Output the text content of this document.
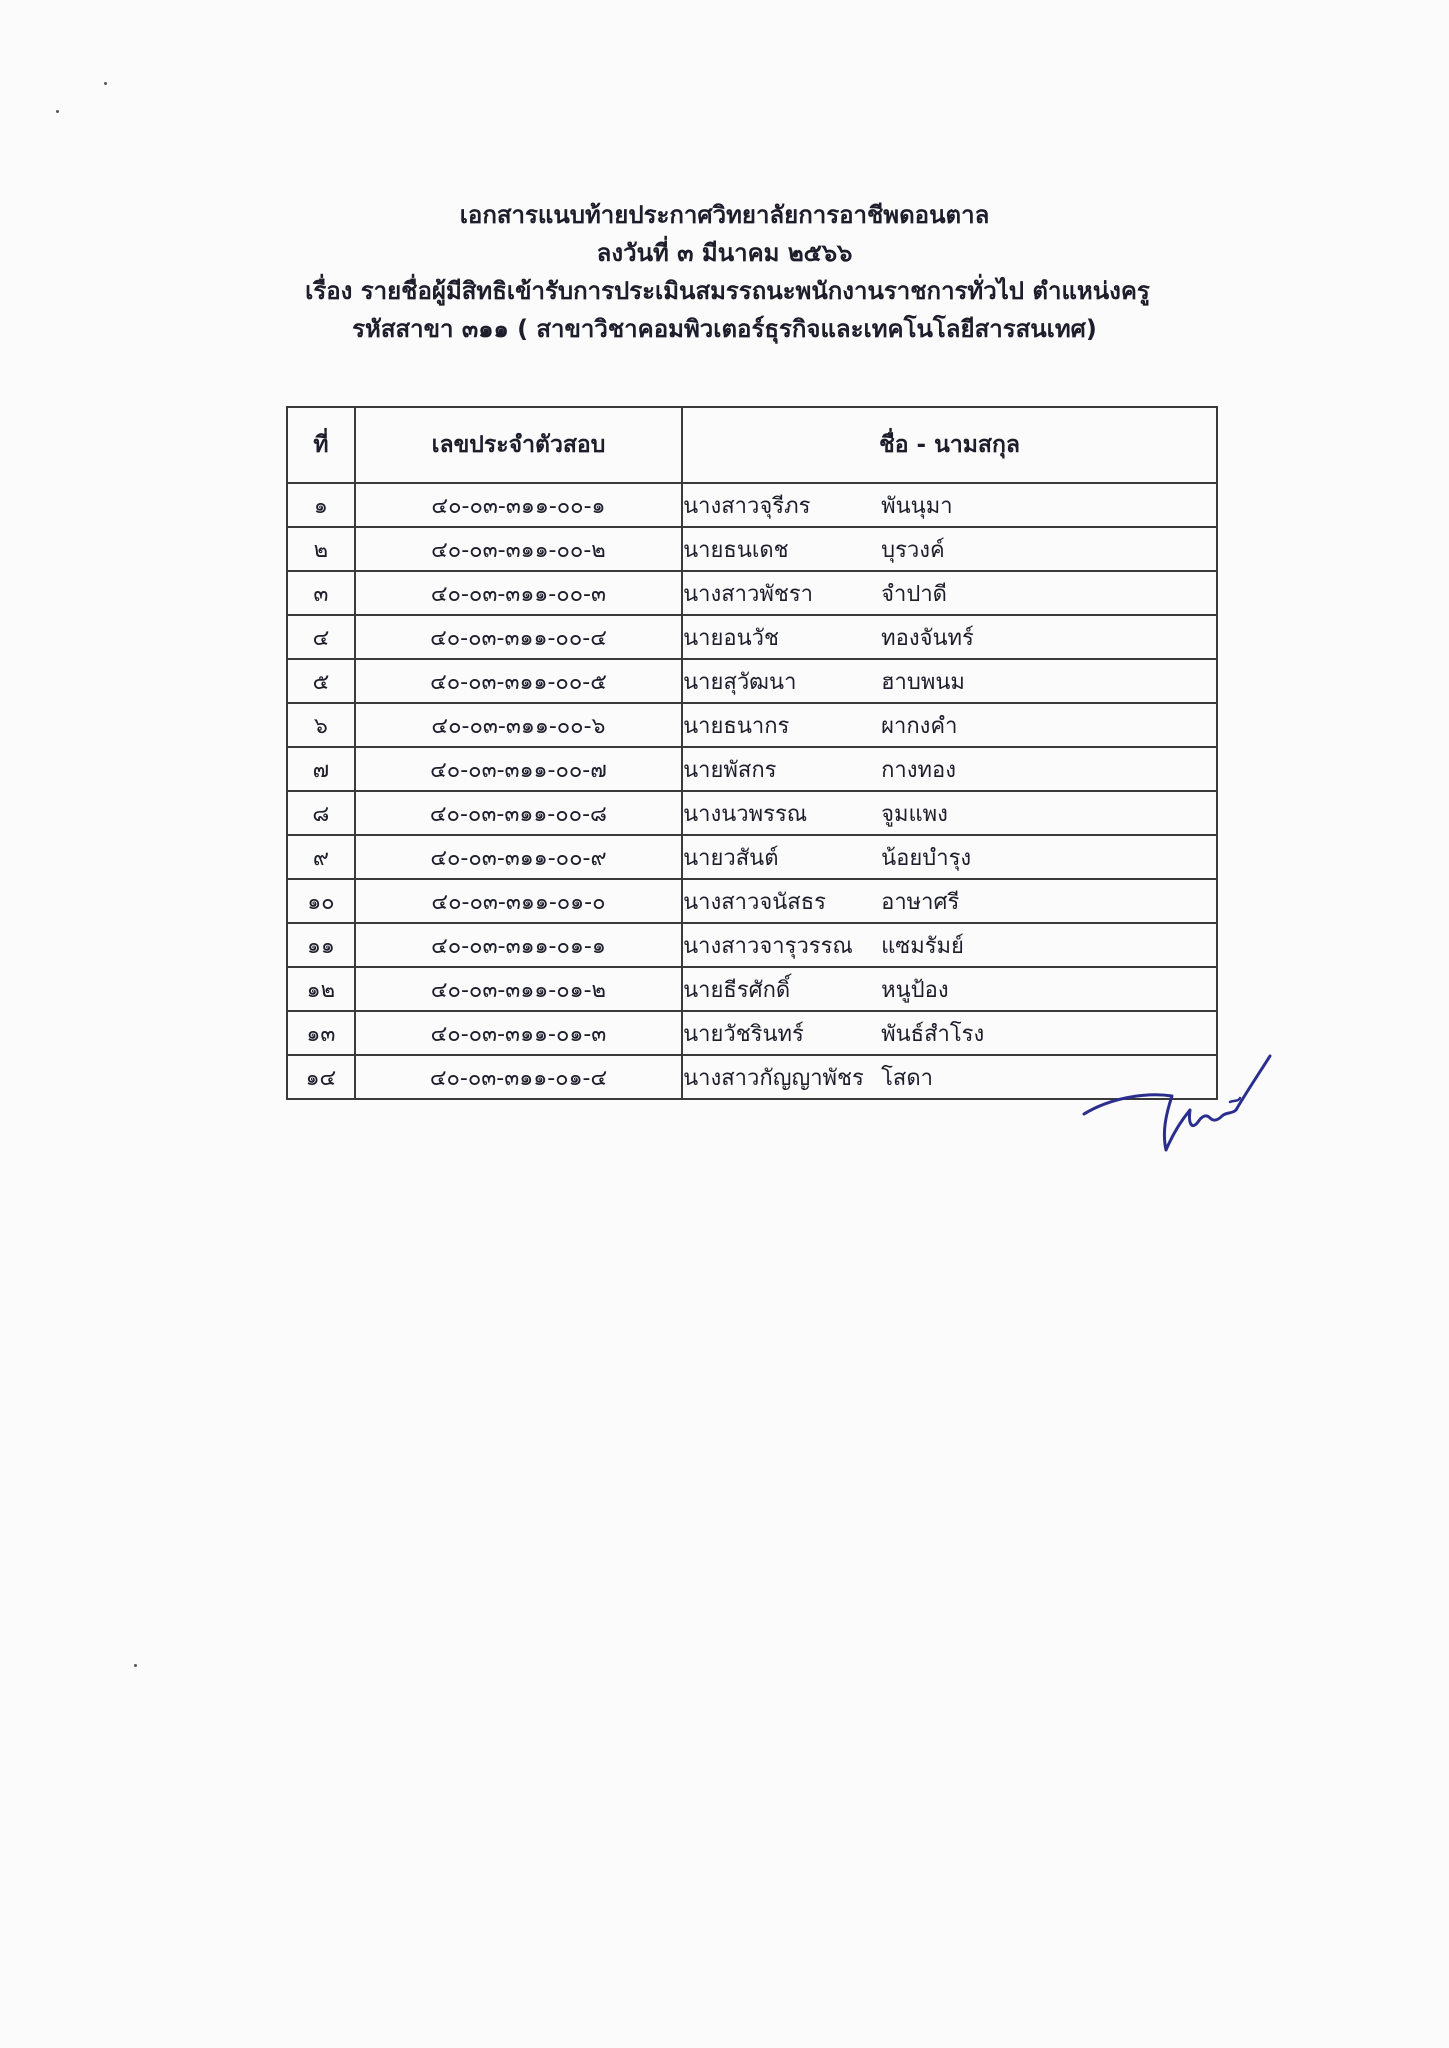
เอกสารแนบท้ายประกาศวิทยาลัยการอาชีพดอนตาล
ลงวันที่ ๓ มีนาคม ๒๕๖๖
เรื่อง รายชื่อผู้มีสิทธิเข้ารับการประเมินสมรรถนะพนักงานราชการทั่วไป ตำแหน่งครู
รหัสสาขา ๓๑๑ ( สาขาวิชาคอมพิวเตอร์ธุรกิจและเทคโนโลยีสารสนเทศ)
ที่	เลขประจำตัวสอบ	ชื่อ - นามสกุล
๑	๔๐-๐๓-๓๑๑-๐๐-๑	นางสาวจุรีภร พันนุมา
๒	๔๐-๐๓-๓๑๑-๐๐-๒	นายธนเดช บุรวงค์
๓	๔๐-๐๓-๓๑๑-๐๐-๓	นางสาวพัชรา จำปาดี
๔	๔๐-๐๓-๓๑๑-๐๐-๔	นายอนวัช ทองจันทร์
๕	๔๐-๐๓-๓๑๑-๐๐-๕	นายสุวัฒนา ฮาบพนม
๖	๔๐-๐๓-๓๑๑-๐๐-๖	นายธนากร ผากงคำ
๗	๔๐-๐๓-๓๑๑-๐๐-๗	นายพัสกร กางทอง
๘	๔๐-๐๓-๓๑๑-๐๐-๘	นางนวพรรณ จูมแพง
๙	๔๐-๐๓-๓๑๑-๐๐-๙	นายวสันต์ น้อยบำรุง
๑๐	๔๐-๐๓-๓๑๑-๐๑-๐	นางสาวจนัสธร อาษาศรี
๑๑	๔๐-๐๓-๓๑๑-๐๑-๑	นางสาวจารุวรรณ แซมรัมย์
๑๒	๔๐-๐๓-๓๑๑-๐๑-๒	นายธีรศักดิ์ หนูป้อง
๑๓	๔๐-๐๓-๓๑๑-๐๑-๓	นายวัชรินทร์ พันธ์สำโรง
๑๔	๔๐-๐๓-๓๑๑-๐๑-๔	นางสาวกัญญาพัชร โสดา
